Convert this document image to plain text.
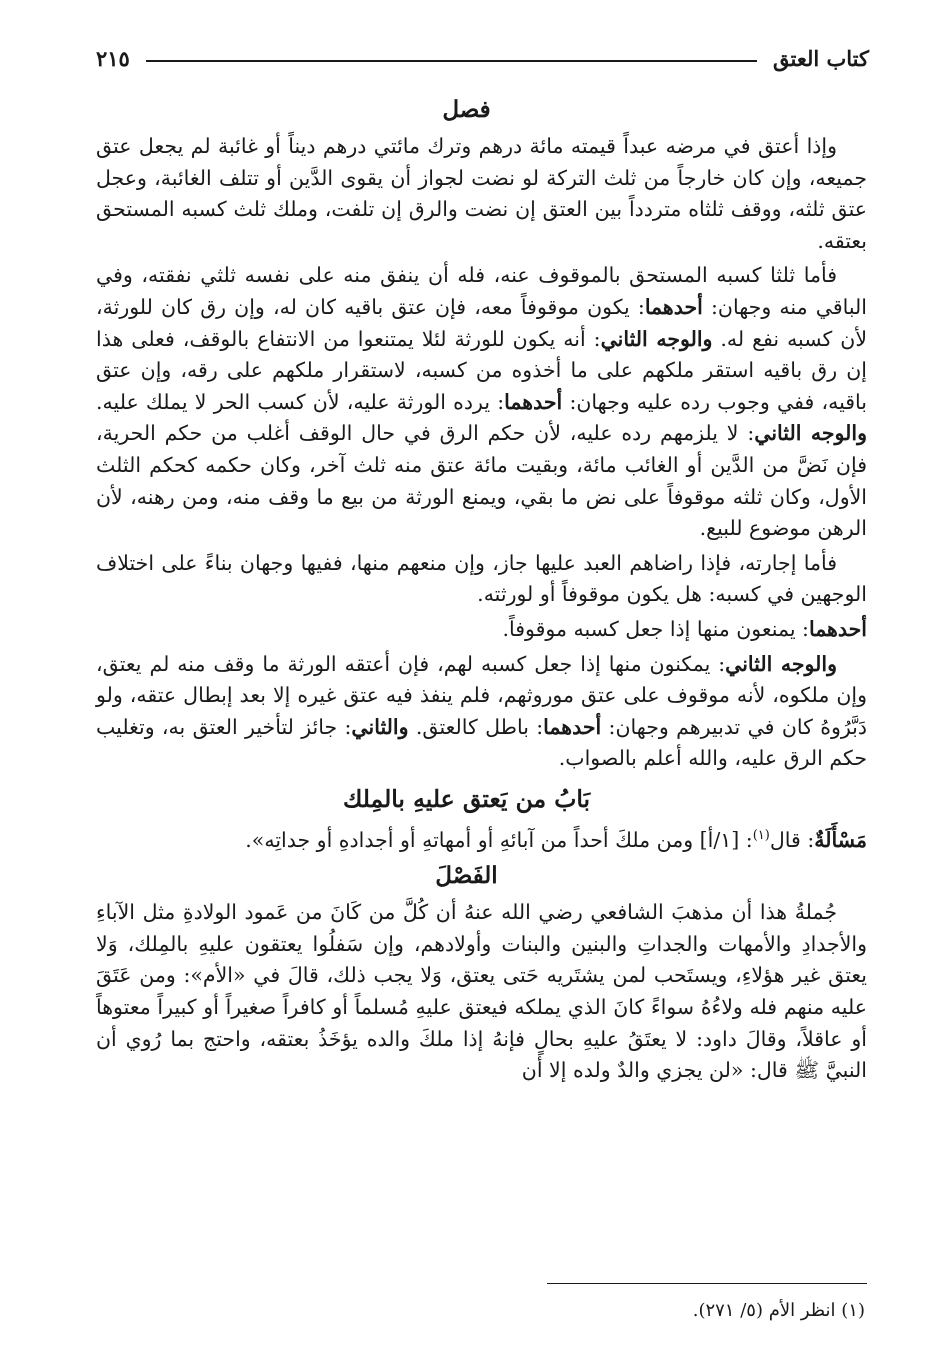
كتاب العتق
٢١٥

فصل

وإذا أعتق في مرضه عبداً قيمته مائة درهم وترك مائتي درهم ديناً أو غائبة لم يجعل عتق جميعه، وإن كان خارجاً من ثلث التركة لو نضت لجواز أن يقوى الدَّين أو تتلف الغائبة، وعجل عتق ثلثه، ووقف ثلثاه متردداً بين العتق إن نضت والرق إن تلفت، وملك ثلث كسبه المستحق بعتقه.

فأما ثلثا كسبه المستحق بالموقوف عنه، فله أن ينفق منه على نفسه ثلثي نفقته، وفي الباقي منه وجهان: أحدهما: يكون موقوفاً معه، فإن عتق باقيه كان له، وإن رق كان للورثة، لأن كسبه نفع له. والوجه الثاني: أنه يكون للورثة لئلا يمتنعوا من الانتفاع بالوقف، فعلى هذا إن رق باقيه استقر ملكهم على ما أخذوه من كسبه، لاستقرار ملكهم على رقه، وإن عتق باقيه، ففي وجوب رده عليه وجهان: أحدهما: يرده الورثة عليه، لأن كسب الحر لا يملك عليه. والوجه الثاني: لا يلزمهم رده عليه، لأن حكم الرق في حال الوقف أغلب من حكم الحرية، فإن نَضَّ من الدَّين أو الغائب مائة، وبقيت مائة عتق منه ثلث آخر، وكان حكمه كحكم الثلث الأول، وكان ثلثه موقوفاً على نض ما بقي، ويمنع الورثة من بيع ما وقف منه، ومن رهنه، لأن الرهن موضوع للبيع.

فأما إجارته، فإذا راضاهم العبد عليها جاز، وإن منعهم منها، ففيها وجهان بناءً على اختلاف الوجهين في كسبه: هل يكون موقوفاً أو لورثته.

أحدهما: يمنعون منها إذا جعل كسبه موقوفاً.

والوجه الثاني: يمكنون منها إذا جعل كسبه لهم، فإن أعتقه الورثة ما وقف منه لم يعتق، وإن ملكوه، لأنه موقوف على عتق موروثهم، فلم ينفذ فيه عتق غيره إلا بعد إبطال عتقه، ولو دَبَّرُوهُ كان في تدبيرهم وجهان: أحدهما: باطل كالعتق. والثاني: جائز لتأخير العتق به، وتغليب حكم الرق عليه، والله أعلم بالصواب.

بَابُ من يَعتق عليهِ بالمِلك

مَسْأَلَةٌ: قال$^{(١)}$: [١/أ] ومن ملكَ أحداً من آبائهِ أو أمهاتهِ أو أجدادهِ أو جداتِه».

الفَصْلَ

جُملةُ هذا أن مذهبَ الشافعي رضي الله عنهُ أن كُلَّ من كَانَ من عَمود الولادةِ مثل الآباءِ والأجدادِ والأمهات والجداتِ والبنين والبنات وأولادهم، وإن سَفلُوا يعتقون عليهِ بالمِلك، وَلا يعتق غير هؤلاءِ، ويستَحب لمن يشتَريه حَتى يعتق، وَلا يجب ذلك، قالَ في «الأم»: ومن عَتَقَ عليه منهم فله ولاءُهُ سواءً كانَ الذي يملكه فيعتق عليهِ مُسلماً أو كافراً صغيراً أو كبيراً معتوهاً أو عاقلاً، وقالَ داود: لا يعتَقُ عليهِ بحالٍ فإنهُ إذا ملكَ والده يؤخَذُ بعتقه، واحتج بما رُوي أن النبيَّ ﷺ قال: «لن يجزي والدٌ ولده إلا أن

(١) انظر الأم (٥/ ٢٧١).
